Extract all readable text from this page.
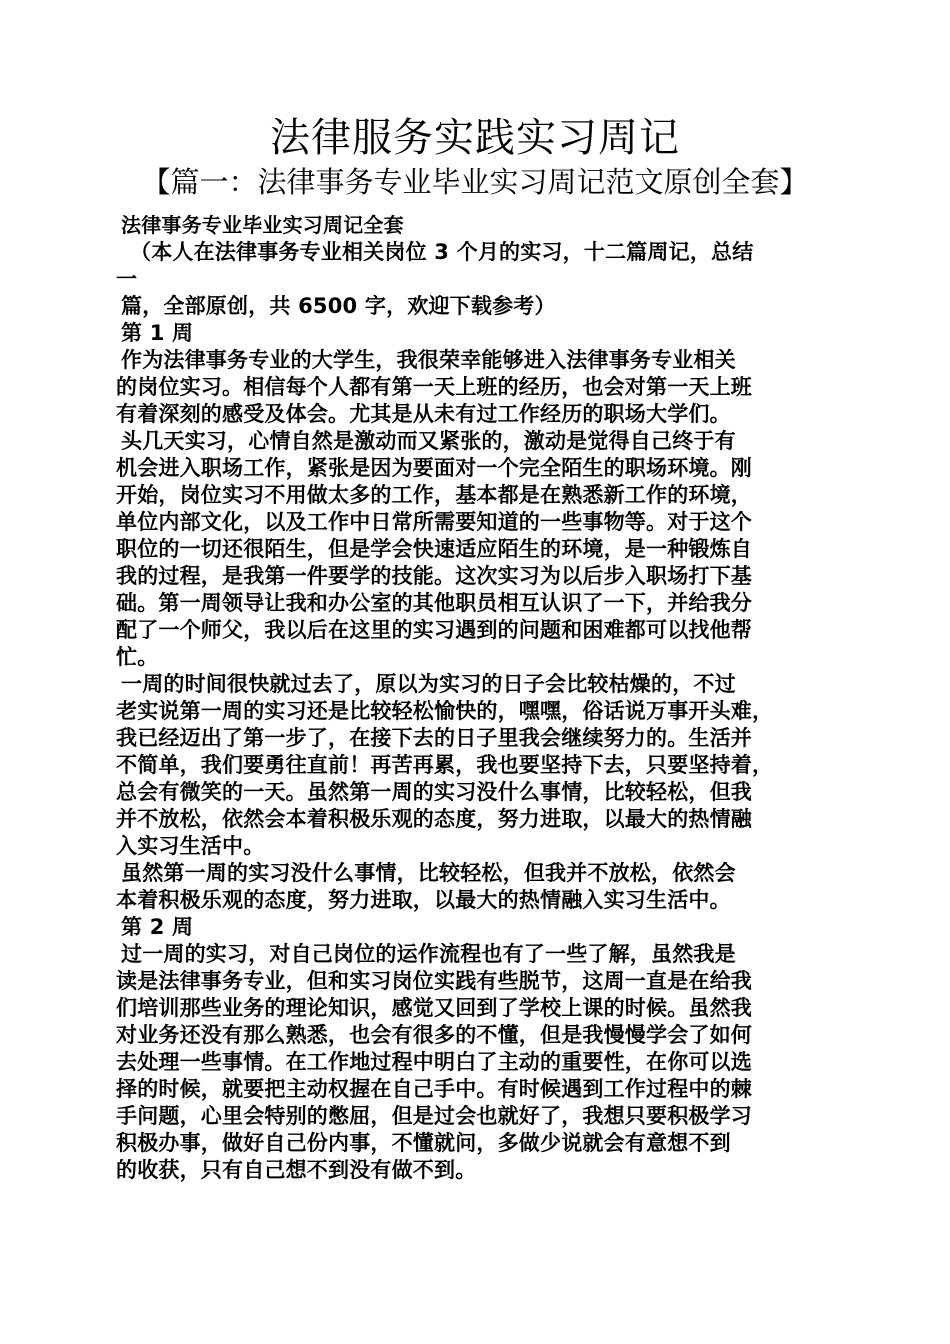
法律服务实践实习周记
【篇一：法律事务专业毕业实习周记范文原创全套】
法律事务专业毕业实习周记全套
（本人在法律事务专业相关岗位 3 个月的实习，十二篇周记，总结
一
篇，全部原创，共 6500 字，欢迎下载参考）
第 1 周
作为法律事务专业的大学生，我很荣幸能够进入法律事务专业相关
的岗位实习。相信每个人都有第一天上班的经历，也会对第一天上班
有着深刻的感受及体会。尤其是从未有过工作经历的职场大学们。
头几天实习，心情自然是激动而又紧张的，激动是觉得自己终于有
机会进入职场工作，紧张是因为要面对一个完全陌生的职场环境。刚
开始，岗位实习不用做太多的工作，基本都是在熟悉新工作的环境，
单位内部文化，以及工作中日常所需要知道的一些事物等。对于这个
职位的一切还很陌生，但是学会快速适应陌生的环境，是一种锻炼自
我的过程，是我第一件要学的技能。这次实习为以后步入职场打下基
础。第一周领导让我和办公室的其他职员相互认识了一下，并给我分
配了一个师父，我以后在这里的实习遇到的问题和困难都可以找他帮
忙。
一周的时间很快就过去了，原以为实习的日子会比较枯燥的，不过
老实说第一周的实习还是比较轻松愉快的，嘿嘿，俗话说万事开头难，
我已经迈出了第一步了，在接下去的日子里我会继续努力的。生活并
不简单，我们要勇往直前！再苦再累，我也要坚持下去，只要坚持着，
总会有微笑的一天。虽然第一周的实习没什么事情，比较轻松，但我
并不放松，依然会本着积极乐观的态度，努力进取，以最大的热情融
入实习生活中。
虽然第一周的实习没什么事情，比较轻松，但我并不放松，依然会
本着积极乐观的态度，努力进取，以最大的热情融入实习生活中。
第 2 周
过一周的实习，对自己岗位的运作流程也有了一些了解，虽然我是
读是法律事务专业，但和实习岗位实践有些脱节，这周一直是在给我
们培训那些业务的理论知识，感觉又回到了学校上课的时候。虽然我
对业务还没有那么熟悉，也会有很多的不懂，但是我慢慢学会了如何
去处理一些事情。在工作地过程中明白了主动的重要性，在你可以选
择的时候，就要把主动权握在自己手中。有时候遇到工作过程中的棘
手问题，心里会特别的憋屈，但是过会也就好了，我想只要积极学习
积极办事，做好自己份内事，不懂就问，多做少说就会有意想不到
的收获，只有自己想不到没有做不到。
